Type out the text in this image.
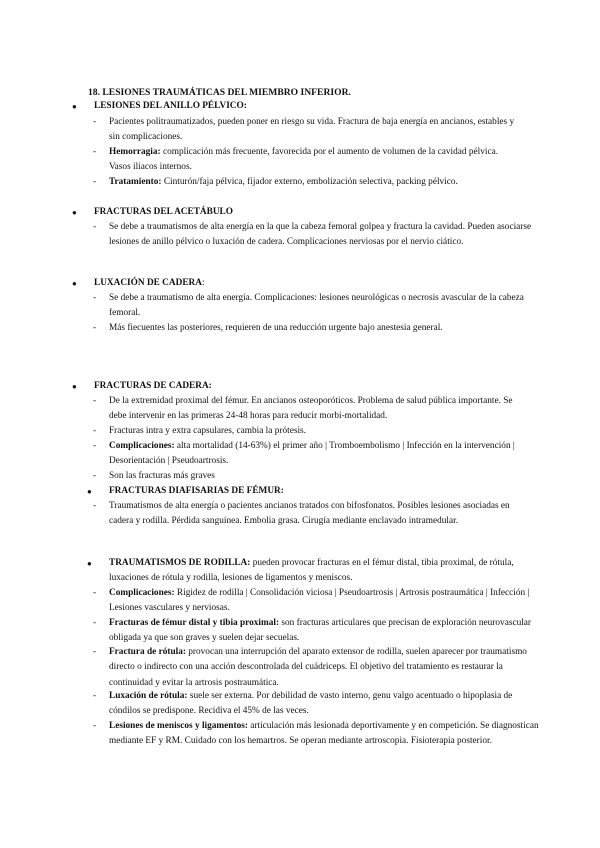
18. LESIONES TRAUMÁTICAS DEL MIEMBRO INFERIOR.
● LESIONES DEL ANILLO PÉLVICO:
- Pacientes politraumatizados, pueden poner en riesgo su vida. Fractura de baja energía en ancianos, estables y sin complicaciones.
- Hemorragia: complicación más frecuente, favorecida por el aumento de volumen de la cavidad pélvica. Vasos iliacos internos.
- Tratamiento: Cinturón/faja pélvica, fijador externo, embolización selectiva, packing pélvico.
● FRACTURAS DEL ACETÁBULO
- Se debe a traumatismos de alta energía en la que la cabeza femoral golpea y fractura la cavidad. Pueden asociarse lesiones de anillo pélvico o luxación de cadera. Complicaciones nerviosas por el nervio ciático.
● LUXACIÓN DE CADERA:
- Se debe a traumatismo de alta energía. Complicaciones: lesiones neurológicas o necrosis avascular de la cabeza femoral.
- Más fiecuentes las posteriores, requieren de una reducción urgente bajo anestesia general.
● FRACTURAS DE CADERA:
- De la extremidad proximal del fémur. En ancianos osteoporóticos. Problema de salud pública importante. Se debe intervenir en las primeras 24-48 horas para reducir morbi-mortalidad.
- Fracturas intra y extra capsulares, cambia la prótesis.
- Complicaciones: alta mortalidad (14-63%) el primer año | Tromboembolismo | Infección en la intervención | Desorientación | Pseudoartrosis.
- Son las fracturas más graves
● FRACTURAS DIAFISARIAS DE FÉMUR:
- Traumatismos de alta energía o pacientes ancianos tratados con bifosfonatos. Posibles lesiones asociadas en cadera y rodilla. Pérdida sanguínea. Embolia grasa. Cirugía mediante enclavado intramedular.
● TRAUMATISMOS DE RODILLA: pueden provocar fracturas en el fémur distal, tibia proximal, de rótula, luxaciones de rótula y rodilla, lesiones de ligamentos y meniscos.
- Complicaciones: Rigidez de rodilla | Consolidación viciosa | Pseudoartrosis | Artrosis postraumática | Infección | Lesiones vasculares y nerviosas.
- Fracturas de fémur distal y tibia proximal: son fracturas articulares que precisan de exploración neurovascular obligada ya que son graves y suelen dejar secuelas.
- Fractura de rótula: provocan una interrupción del aparato extensor de rodilla, suelen aparecer por traumatismo directo o indirecto con una acción descontrolada del cuádriceps. El objetivo del tratamiento es restaurar la continuidad y evitar la artrosis postraumática.
- Luxación de rótula: suele ser externa. Por debilidad de vasto interno, genu valgo acentuado o hipoplasia de cóndilos se predispone. Recidiva el 45% de las veces.
- Lesiones de meniscos y ligamentos: articulación más lesionada deportivamente y en competición. Se diagnostican mediante EF y RM. Cuidado con los hemartros. Se operan mediante artroscopia. Fisioterapia posterior.
